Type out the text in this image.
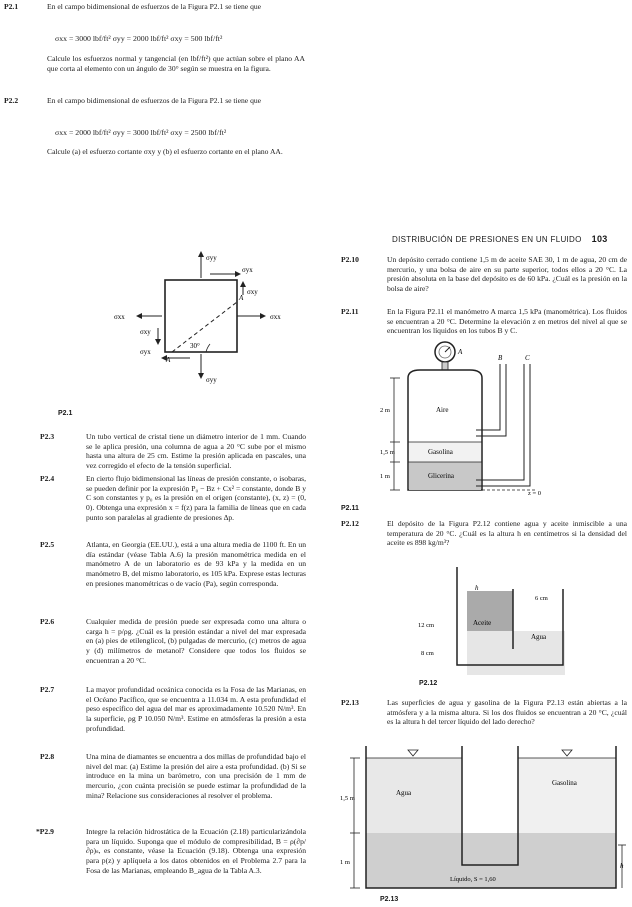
DISTRIBUCIÓN DE PRESIONES EN UN FLUIDO 103
P2.1	En el campo bidimensional de esfuerzos de la Figura P2.1 se tiene que
σxx = 3000 lbf/ft² σyy = 2000 lbf/ft² σxy = 500 lbf/ft²
Calcule los esfuerzos normal y tangencial (en lbf/ft²) que actúan sobre el plano AA que corta al elemento con un ángulo de 30° según se muestra en la figura.
P2.2	En el campo bidimensional de esfuerzos de la Figura P2.1 se tiene que
σxx = 2000 lbf/ft² σyy = 3000 lbf/ft² σxy = 2500 lbf/ft²
Calcule (a) el esfuerzo cortante σxy y (b) el esfuerzo cortante en el plano AA.
σyy
σyx
σxy
σxx
σxx
σyx
σxy
σyy
30°
A
A
P2.1
P2.3	Un tubo vertical de cristal tiene un diámetro interior de 1 mm. Cuando se le aplica presión, una columna de agua a 20 °C sube por el mismo hasta una altura de 25 cm. Estime la presión aplicada en pascales, una vez corregido el efecto de la tensión superficial.
P2.4	En cierto flujo bidimensional las líneas de presión constante, o isobaras, se pueden definir por la expresión P₀ − Bz + Cx² = constante, donde B y C son constantes y p₀ es la presión en el origen (constante), (x, z) = (0, 0). Obtenga una expresión x = f(z) para la familia de líneas que en cada punto son paralelas al gradiente de presiones ∆p.
P2.5	Atlanta, en Georgia (EE.UU.), está a una altura media de 1100 ft. En un día estándar (véase Tabla A.6) la presión manométrica medida en el manómetro A de un laboratorio es de 93 kPa y la medida en un manómetro B, del mismo laboratorio, es 105 kPa. Exprese estas lecturas en presiones manométricas o de vacío (Pa), según corresponda.
P2.6	Cualquier medida de presión puede ser expresada como una altura o carga h = p/ρg. ¿Cuál es la presión estándar a nivel del mar expresada en (a) pies de etilenglicol, (b) pulgadas de mercurio, (c) metros de agua y (d) milímetros de metanol? Considere que todos los fluidos se encuentran a 20 °C.
P2.7	La mayor profundidad oceánica conocida es la Fosa de las Marianas, en el Océano Pacífico, que se encuentra a 11.034 m. A esta profundidad el peso específico del agua del mar es aproximadamente 10.520 N/m³. En la superficie, ρg P 10.050 N/m³. Estime en atmósferas la presión a esta profundidad.
P2.8	Una mina de diamantes se encuentra a dos millas de profundidad bajo el nivel del mar. (a) Estime la presión del aire a esta profundidad. (b) Si se introduce en la mina un barómetro, con una precisión de 1 mm de mercurio, ¿con cuánta precisión se puede estimar la profundidad de la mina? Relacione sus consideraciones al resolver el problema.
*P2.9	Integre la relación hidrostática de la Ecuación (2.18) particularizándola para un líquido. Suponga que el módulo de compresibilidad, B = ρ(∂p/∂ρ)ₛ, es constante, véase la Ecuación (9.18). Obtenga una expresión para p(z) y aplíquela a los datos obtenidos en el Problema 2.7 para la Fosa de las Marianas, empleando B_agua de la Tabla A.3.
P2.10	Un depósito cerrado contiene 1,5 m de aceite SAE 30, 1 m de agua, 20 cm de mercurio, y una bolsa de aire en su parte superior, todos ellos a 20 °C. La presión absoluta en la base del depósito es de 60 kPa. ¿Cuál es la presión en la bolsa de aire?
P2.11	En la Figura P2.11 el manómetro A marca 1,5 kPa (manométrica). Los fluidos se encuentran a 20 °C. Determine la elevación z en metros del nivel al que se encuentran los líquidos en los tubos B y C.
A
B	C
Aire
Gasolina
Glicerina
2 m
1,5 m
1 m
z = 0
P2.11
P2.12	El depósito de la Figura P2.12 contiene agua y aceite inmiscible a una temperatura de 20 °C. ¿Cuál es la altura h en centímetros si la densidad del aceite es 898 kg/m³?
h
6 cm
12 cm
8 cm
Aceite
Agua
P2.12
P2.13	Las superficies de agua y gasolina de la Figura P2.13 están abiertas a la atmósfera y a la misma altura. Si los dos fluidos se encuentran a 20 °C, ¿cuál es la altura h del tercer líquido del lado derecho?
Agua
Gasolina
Líquido, S = 1,60
1,5 m
1 m	h
P2.13
